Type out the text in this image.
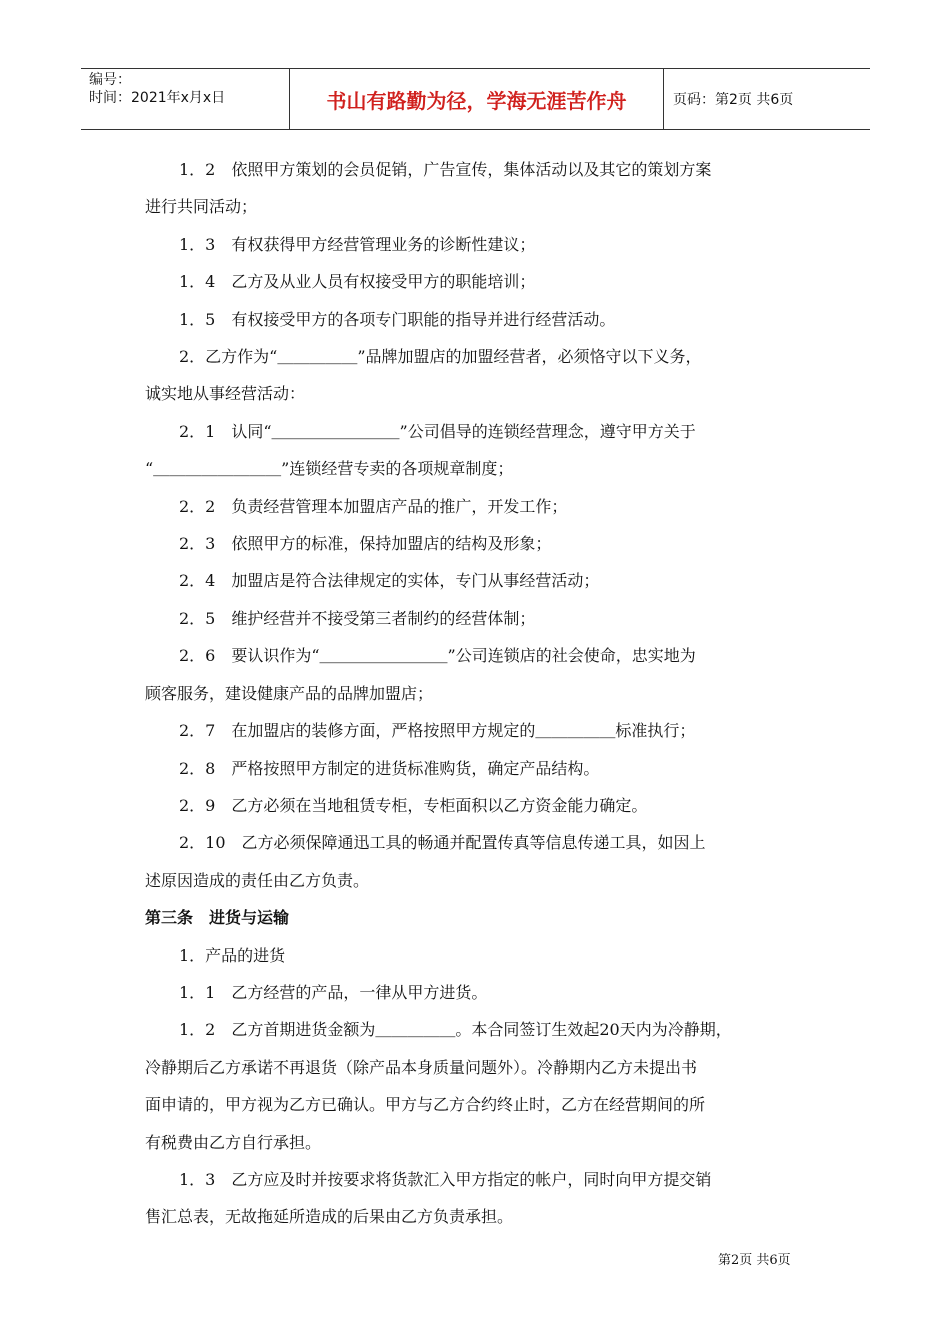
编号：
时间：2021年x月x日	书山有路勤为径，学海无涯苦作舟	页码：第2页 共6页
1．2　依照甲方策划的会员促销，广告宣传，集体活动以及其它的策划方案
进行共同活动；
1．3　有权获得甲方经营管理业务的诊断性建议；
1．4　乙方及从业人员有权接受甲方的职能培训；
1．5　有权接受甲方的各项专门职能的指导并进行经营活动。
2．乙方作为“＿＿＿＿＿”品牌加盟店的加盟经营者，必须恪守以下义务，
诚实地从事经营活动：
2．1　认同“＿＿＿＿＿＿＿＿”公司倡导的连锁经营理念，遵守甲方关于
“＿＿＿＿＿＿＿＿”连锁经营专卖的各项规章制度；
2．2　负责经营管理本加盟店产品的推广，开发工作；
2．3　依照甲方的标准，保持加盟店的结构及形象；
2．4　加盟店是符合法律规定的实体，专门从事经营活动；
2．5　维护经营并不接受第三者制约的经营体制；
2．6　要认识作为“＿＿＿＿＿＿＿＿”公司连锁店的社会使命，忠实地为
顾客服务，建设健康产品的品牌加盟店；
2．7　在加盟店的装修方面，严格按照甲方规定的＿＿＿＿＿标准执行；
2．8　严格按照甲方制定的进货标准购货，确定产品结构。
2．9　乙方必须在当地租赁专柜，专柜面积以乙方资金能力确定。
2．10　乙方必须保障通迅工具的畅通并配置传真等信息传递工具，如因上
述原因造成的责任由乙方负责。
第三条　进货与运输
1．产品的进货
1．1　乙方经营的产品，一律从甲方进货。
1．2　乙方首期进货金额为＿＿＿＿＿。本合同签订生效起20天内为冷静期，
冷静期后乙方承诺不再退货（除产品本身质量问题外）。冷静期内乙方未提出书
面申请的，甲方视为乙方已确认。甲方与乙方合约终止时，乙方在经营期间的所
有税费由乙方自行承担。
1．3　乙方应及时并按要求将货款汇入甲方指定的帐户，同时向甲方提交销
售汇总表，无故拖延所造成的后果由乙方负责承担。
第2页 共6页
